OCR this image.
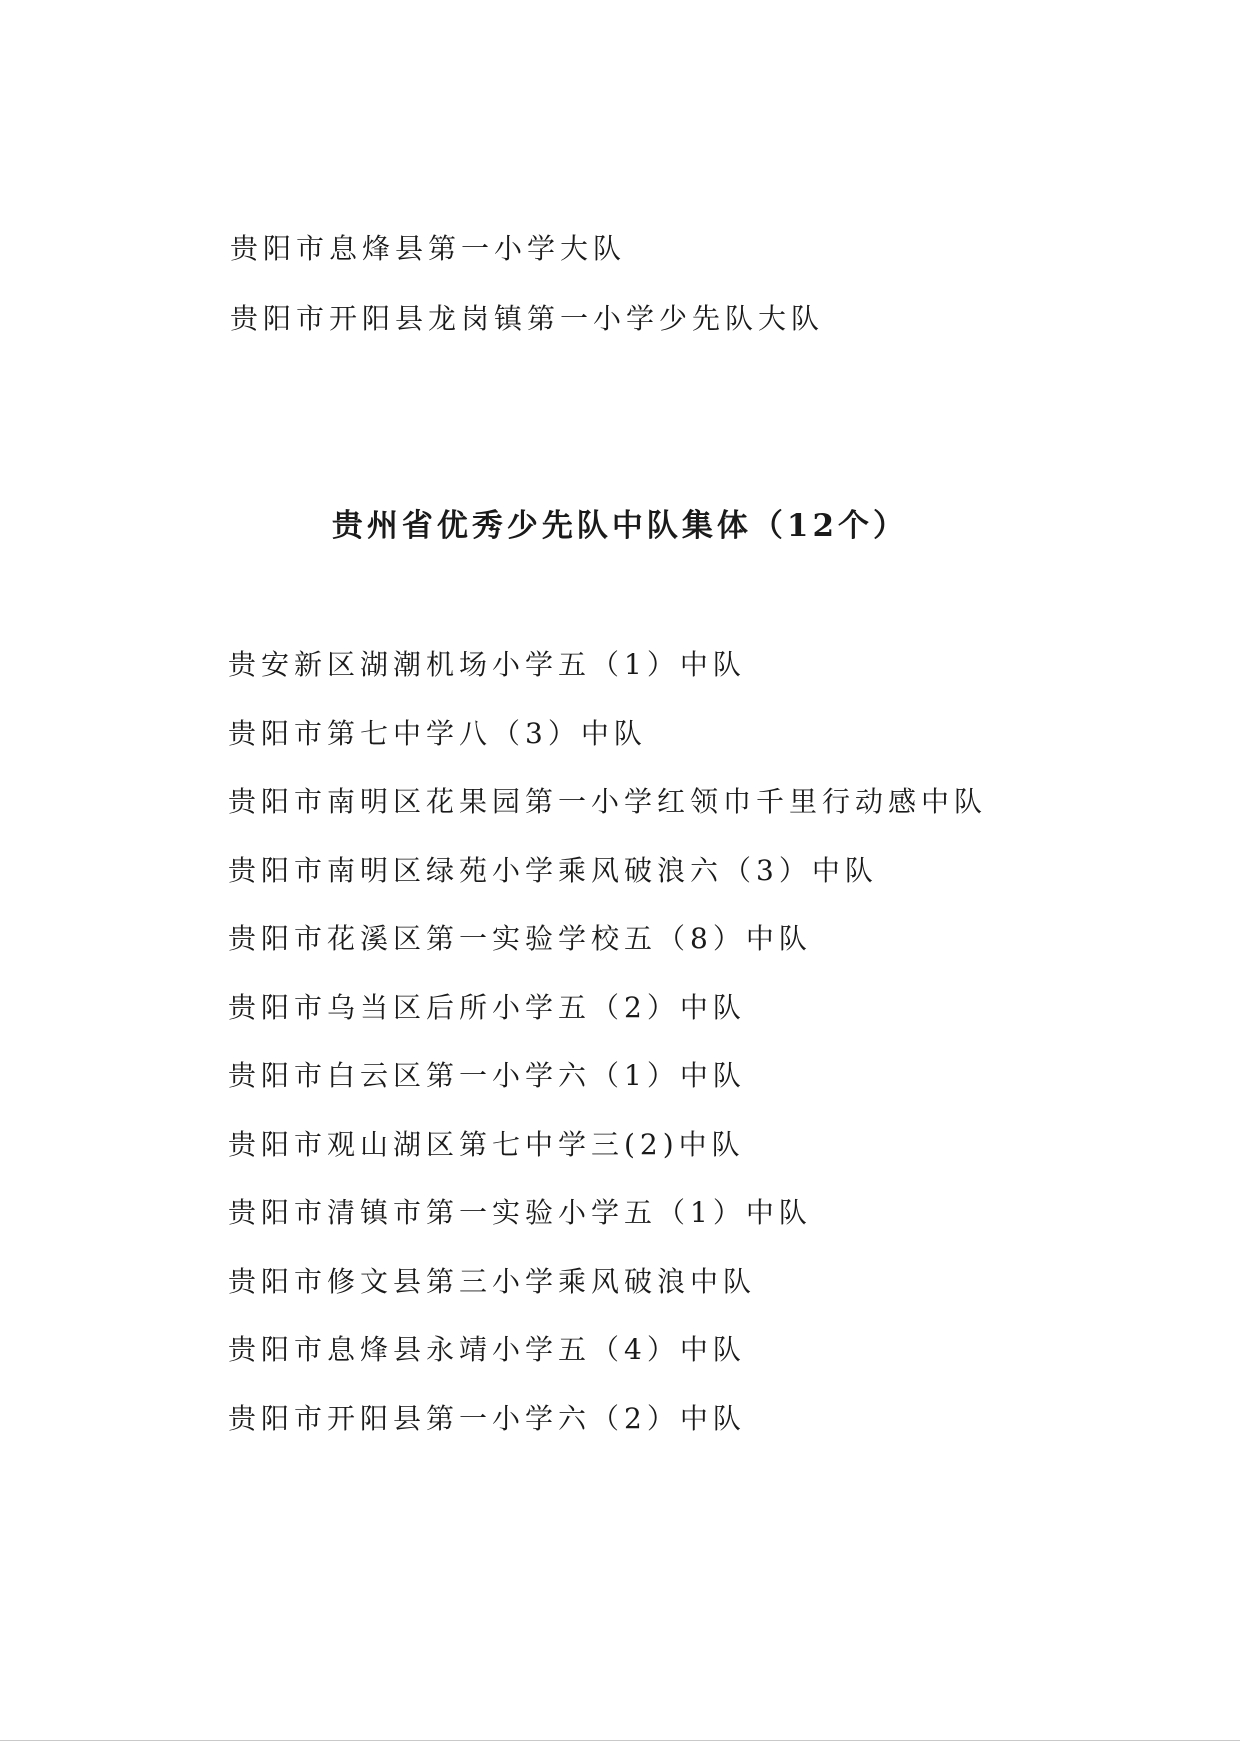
贵阳市息烽县第一小学大队
贵阳市开阳县龙岗镇第一小学少先队大队
贵州省优秀少先队中队集体（12个）
贵安新区湖潮机场小学五（1）中队
贵阳市第七中学八（3）中队
贵阳市南明区花果园第一小学红领巾千里行动感中队
贵阳市南明区绿苑小学乘风破浪六（3）中队
贵阳市花溪区第一实验学校五（8）中队
贵阳市乌当区后所小学五（2）中队
贵阳市白云区第一小学六（1）中队
贵阳市观山湖区第七中学三(2)中队
贵阳市清镇市第一实验小学五（1）中队
贵阳市修文县第三小学乘风破浪中队
贵阳市息烽县永靖小学五（4）中队
贵阳市开阳县第一小学六（2）中队
